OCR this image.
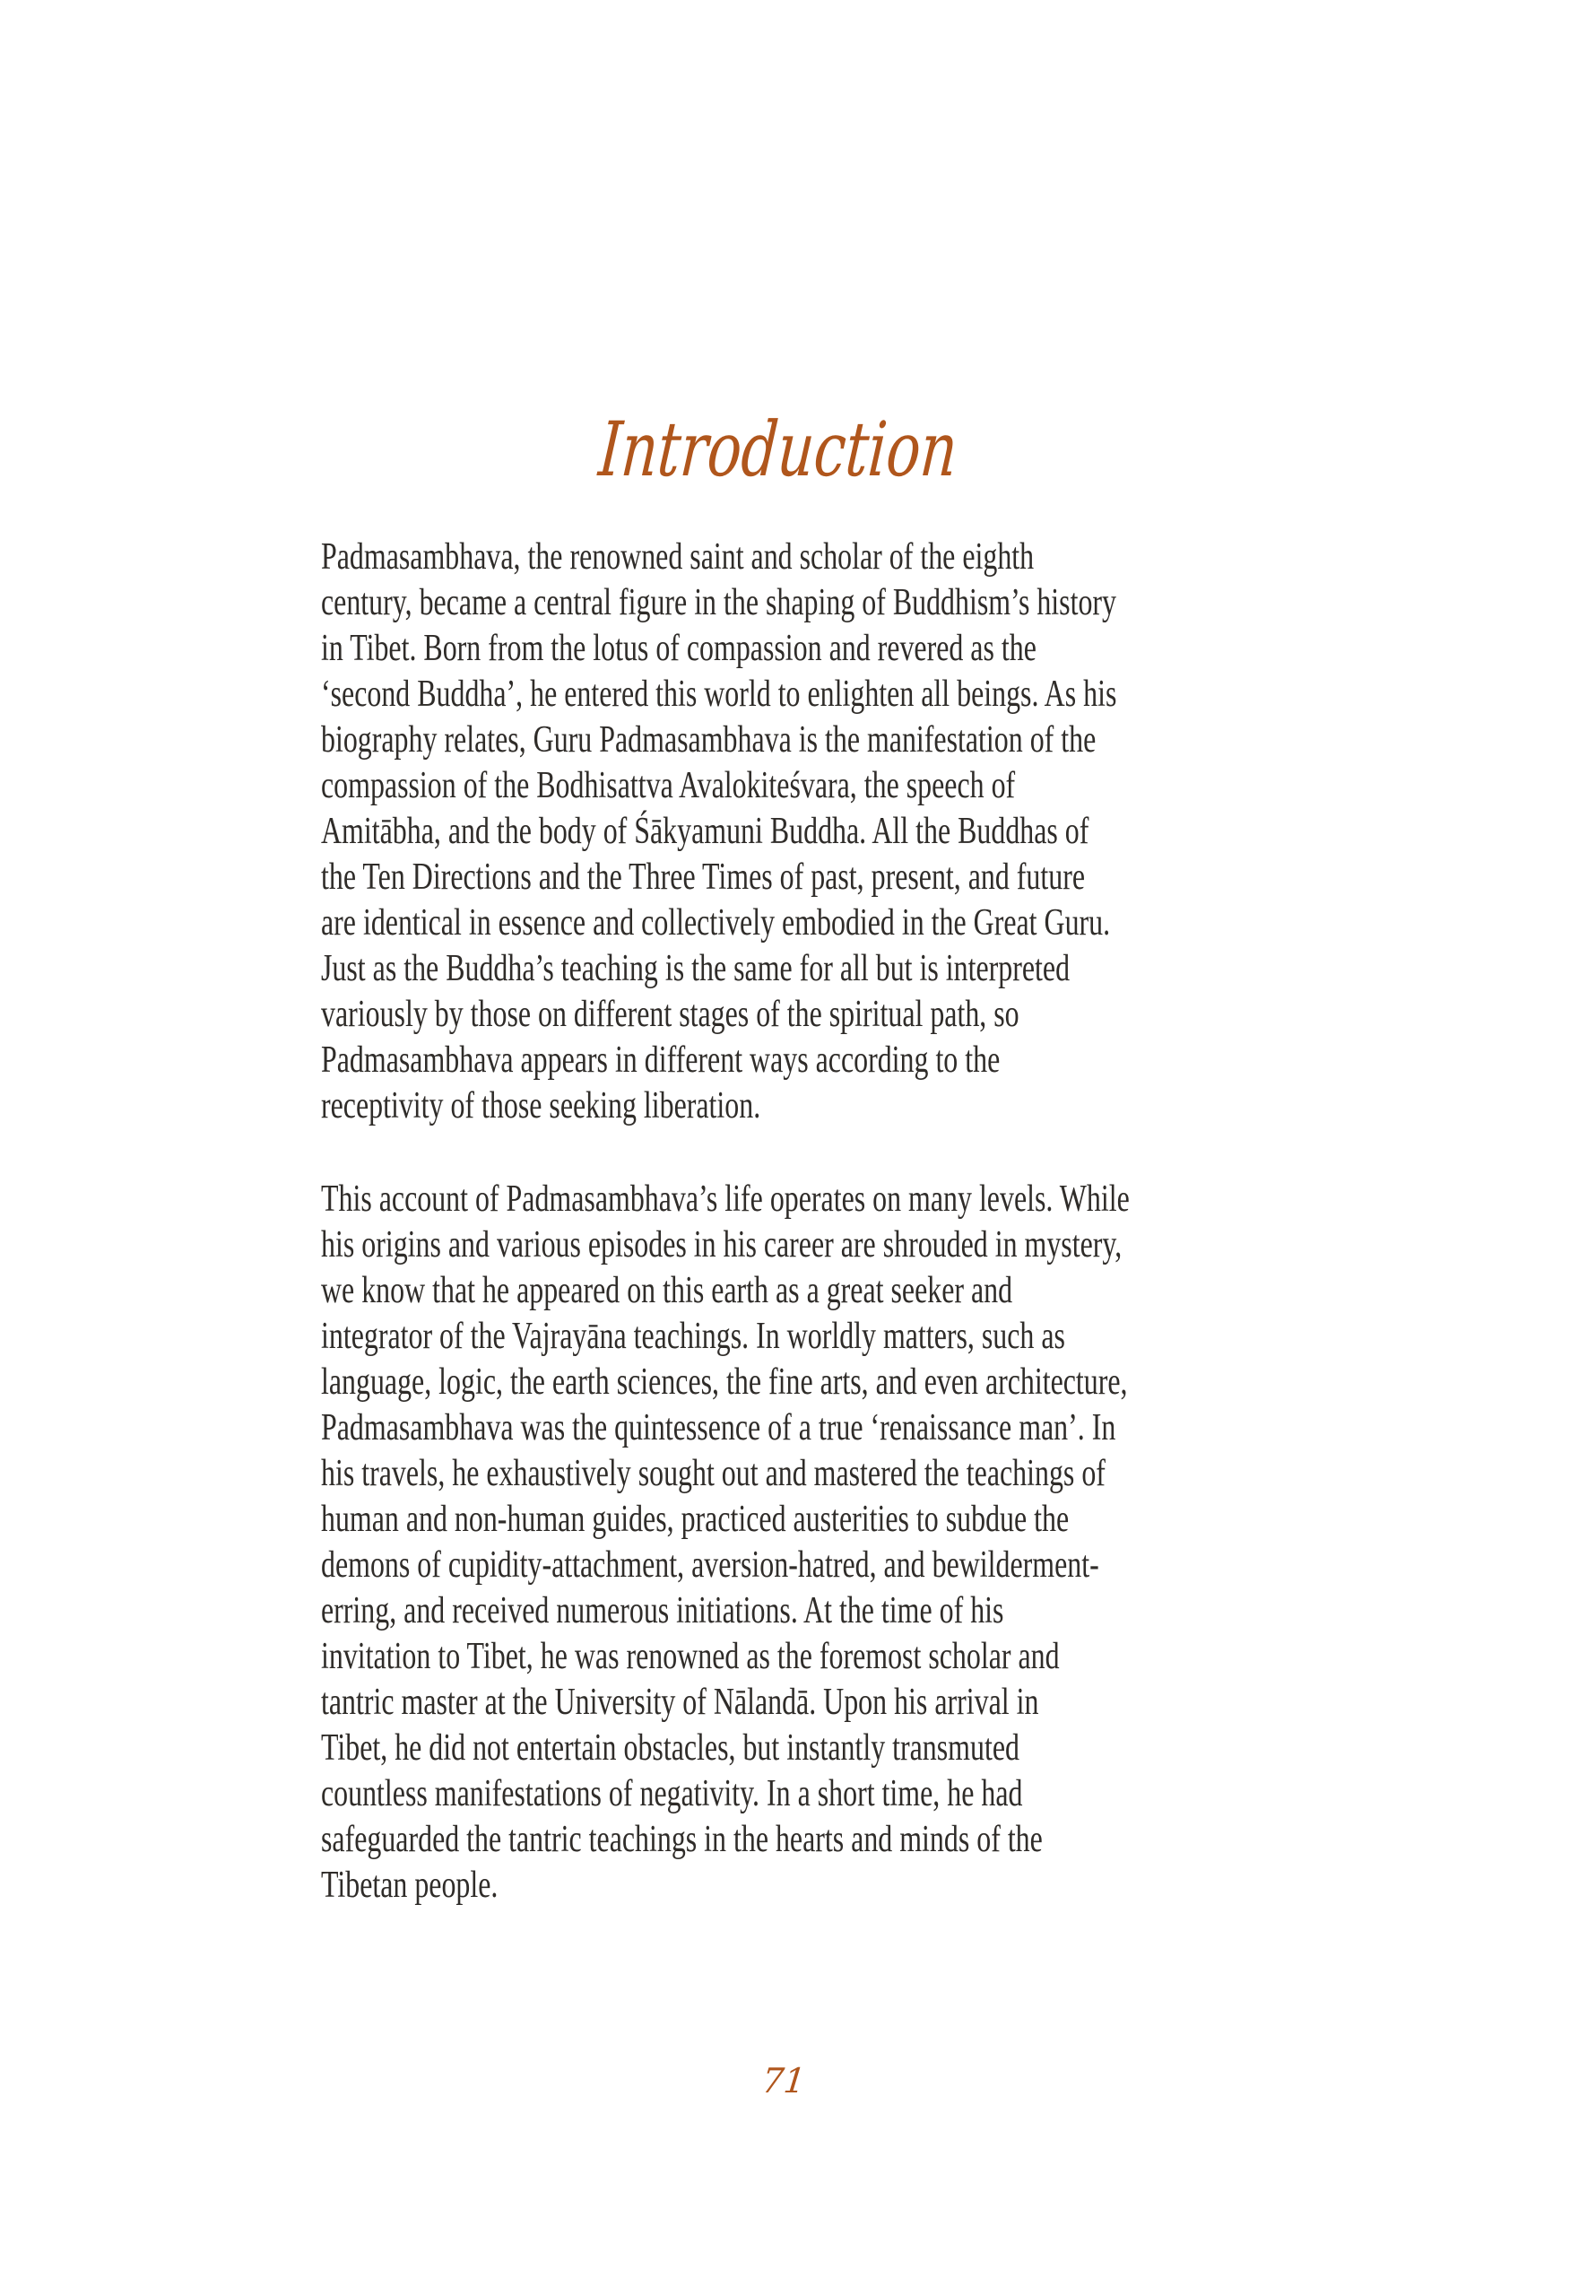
Introduction

Padmasambhava, the renowned saint and scholar of the eighth
century, became a central figure in the shaping of Buddhism’s history
in Tibet. Born from the lotus of compassion and revered as the
‘second Buddha’, he entered this world to enlighten all beings. As his
biography relates, Guru Padmasambhava is the manifestation of the
compassion of the Bodhisattva Avalokiteśvara, the speech of
Amitābha, and the body of Śākyamuni Buddha. All the Buddhas of
the Ten Directions and the Three Times of past, present, and future
are identical in essence and collectively embodied in the Great Guru.
Just as the Buddha’s teaching is the same for all but is interpreted
variously by those on different stages of the spiritual path, so
Padmasambhava appears in different ways according to the
receptivity of those seeking liberation.

This account of Padmasambhava’s life operates on many levels. While
his origins and various episodes in his career are shrouded in mystery,
we know that he appeared on this earth as a great seeker and
integrator of the Vajrayāna teachings. In worldly matters, such as
language, logic, the earth sciences, the fine arts, and even architecture,
Padmasambhava was the quintessence of a true ‘renaissance man’. In
his travels, he exhaustively sought out and mastered the teachings of
human and non-human guides, practiced austerities to subdue the
demons of cupidity-attachment, aversion-hatred, and bewilderment-
erring, and received numerous initiations. At the time of his
invitation to Tibet, he was renowned as the foremost scholar and
tantric master at the University of Nālandā. Upon his arrival in
Tibet, he did not entertain obstacles, but instantly transmuted
countless manifestations of negativity. In a short time, he had
safeguarded the tantric teachings in the hearts and minds of the
Tibetan people.

71
